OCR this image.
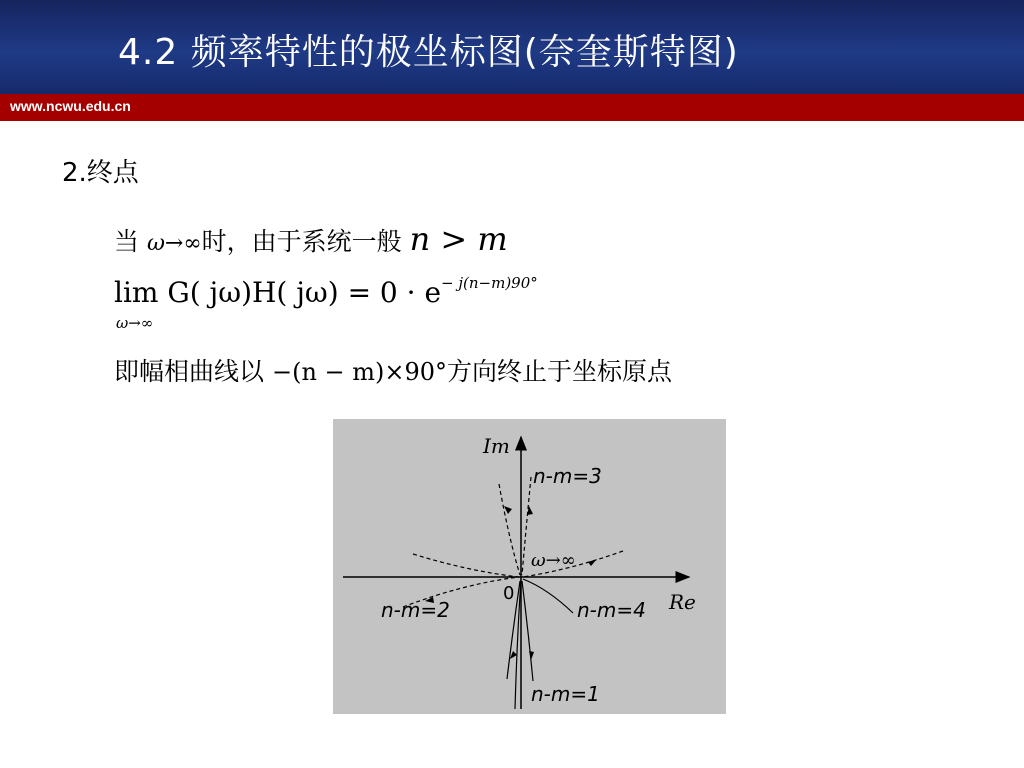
4.2 频率特性的极坐标图(奈奎斯特图)
www.ncwu.edu.cn
2.终点
当 ω→∞时，由于系统一般 n > m
lim G( jω)H( jω) = 0 · e− j(n−m)90°
ω→∞
即幅相曲线以 −(n − m)×90°方向终止于坐标原点
Im
Re
0
ω→∞
n-m=3
n-m=2	n-m=4
n-m=1
